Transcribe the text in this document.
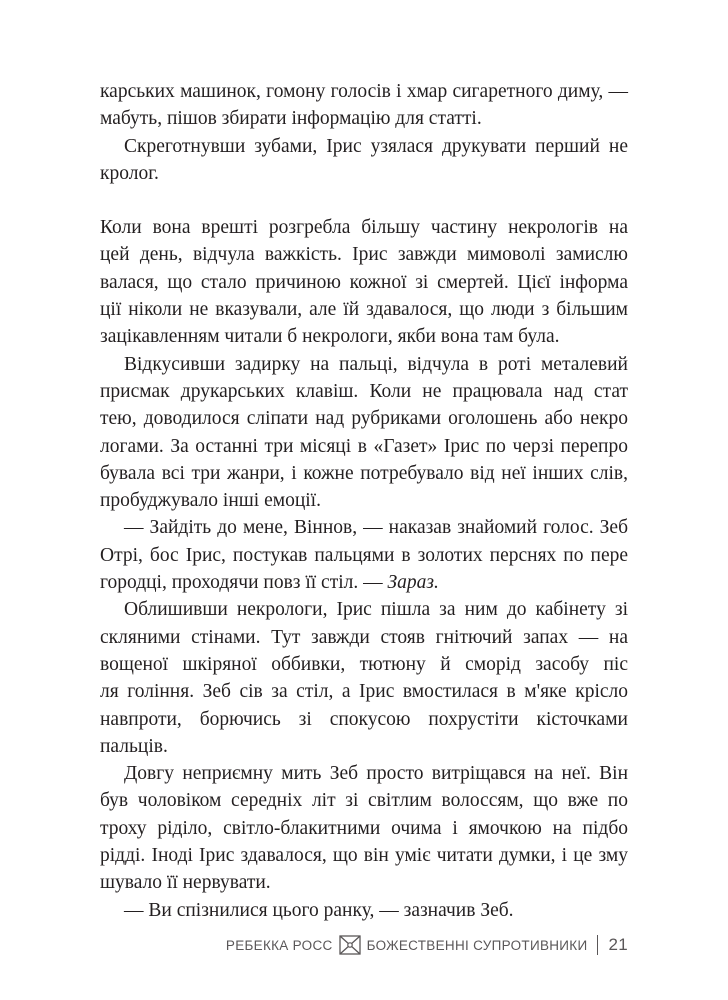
карських машинок, гомону голосів і хмар сигаретного диму, —
мабуть, пішов збирати інформацію для статті.
Скреготнувши зубами, Ірис узялася друкувати перший не
кролог.
Коли вона врешті розгребла більшу частину некрологів на
цей день, відчула важкість. Ірис завжди мимоволі замислю
валася, що стало причиною кожної зі смертей. Цієї інформа
ції ніколи не вказували, але їй здавалося, що люди з більшим
зацікавленням читали б некрологи, якби вона там була.
Відкусивши задирку на пальці, відчула в роті металевий
присмак друкарських клавіш. Коли не працювала над стат
тею, доводилося сліпати над рубриками оголошень або некро
логами. За останні три місяці в «Газет» Ірис по черзі перепро
бувала всі три жанри, і кожне потребувало від неї інших слів,
пробуджувало інші емоції.
— Зайдіть до мене, Віннов, — наказав знайомий голос. Зеб
Отрі, бос Ірис, постукав пальцями в золотих перснях по пере
городці, проходячи повз її стіл. — Зараз.
Облишивши некрологи, Ірис пішла за ним до кабінету зі
скляними стінами. Тут завжди стояв гнітючий запах — на
вощеної шкіряної оббивки, тютюну й сморід засобу піс
ля гоління. Зеб сів за стіл, а Ірис вмостилася в м'яке крісло
навпроти, борючись зі спокусою похрустіти кісточками
пальців.
Довгу неприємну мить Зеб просто витріщався на неї. Він
був чоловіком середніх літ зі світлим волоссям, що вже по
троху ріділо, світло-блакитними очима і ямочкою на підбо
рідді. Іноді Ірис здавалося, що він уміє читати думки, і це зму
шувало її нервувати.
— Ви спізнилися цього ранку, — зазначив Зеб.
РЕБЕККА РОСС	БОЖЕСТВЕННІ СУПРОТИВНИКИ 21
